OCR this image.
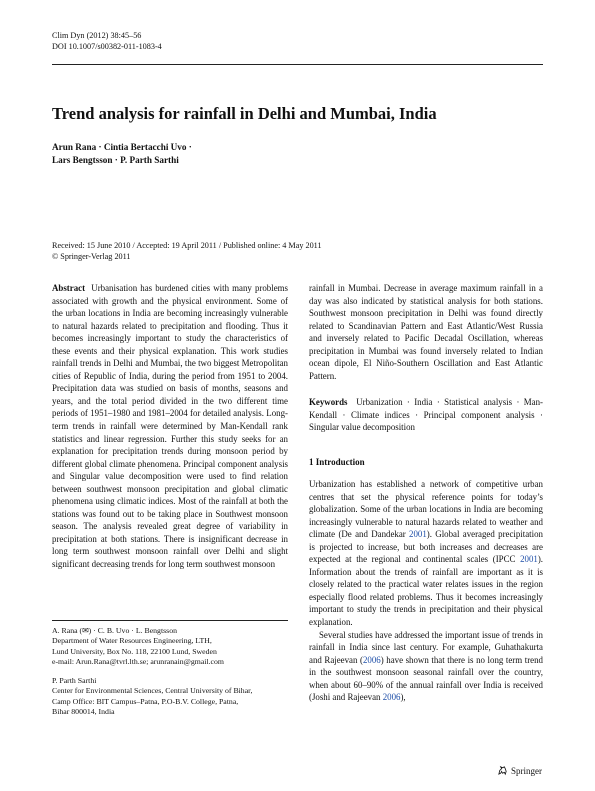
Clim Dyn (2012) 38:45–56
DOI 10.1007/s00382-011-1083-4
Trend analysis for rainfall in Delhi and Mumbai, India
Arun Rana · Cintia Bertacchi Uvo ·
Lars Bengtsson · P. Parth Sarthi
Received: 15 June 2010 / Accepted: 19 April 2011 / Published online: 4 May 2011
© Springer-Verlag 2011

Abstract Urbanisation has burdened cities with many problems associated with growth and the physical environment. Some of the urban locations in India are becoming increasingly vulnerable to natural hazards related to precipitation and flooding. Thus it becomes increasingly important to study the characteristics of these events and their physical explanation. This work studies rainfall trends in Delhi and Mumbai, the two biggest Metropolitan cities of Republic of India, during the period from 1951 to 2004. Precipitation data was studied on basis of months, seasons and years, and the total period divided in the two different time periods of 1951–1980 and 1981–2004 for detailed analysis. Long-term trends in rainfall were determined by Man-Kendall rank statistics and linear regression. Further this study seeks for an explanation for precipitation trends during monsoon period by different global climate phenomena. Principal component analysis and Singular value decomposition were used to find relation between southwest monsoon precipitation and global climatic phenomena using climatic indices. Most of the rainfall at both the stations was found out to be taking place in Southwest monsoon season. The analysis revealed great degree of variability in precipitation at both stations. There is insignificant decrease in long term southwest monsoon rainfall over Delhi and slight significant decreasing trends for long term southwest monsoon

rainfall in Mumbai. Decrease in average maximum rainfall in a day was also indicated by statistical analysis for both stations. Southwest monsoon precipitation in Delhi was found directly related to Scandinavian Pattern and East Atlantic/West Russia and inversely related to Pacific Decadal Oscillation, whereas precipitation in Mumbai was found inversely related to Indian ocean dipole, El Niño-Southern Oscillation and East Atlantic Pattern.

Keywords Urbanization · India · Statistical analysis · Man-Kendall · Climate indices · Principal component analysis · Singular value decomposition

1 Introduction

Urbanization has established a network of competitive urban centres that set the physical reference points for today’s globalization. Some of the urban locations in India are becoming increasingly vulnerable to natural hazards related to weather and climate (De and Dandekar 2001). Global averaged precipitation is projected to increase, but both increases and decreases are expected at the regional and continental scales (IPCC 2001). Information about the trends of rainfall are important as it is closely related to the practical water relates issues in the region especially flood related problems. Thus it becomes increasingly important to study the trends in precipitation and their physical explanation.

Several studies have addressed the important issue of trends in rainfall in India since last century. For example, Guhathakurta and Rajeevan (2006) have shown that there is no long term trend in the southwest monsoon seasonal rainfall over the country, when about 60–90% of the annual rainfall over India is received (Joshi and Rajeevan 2006),

A. Rana (✉) · C. B. Uvo · L. Bengtsson
Department of Water Resources Engineering, LTH,
Lund University, Box No. 118, 22100 Lund, Sweden
e-mail: Arun.Rana@tvrl.lth.se; arunranain@gmail.com
P. Parth Sarthi
Center for Environmental Sciences, Central University of Bihar,
Camp Office: BIT Campus–Patna, P.O-B.V. College, Patna,
Bihar 800014, India
Springer
